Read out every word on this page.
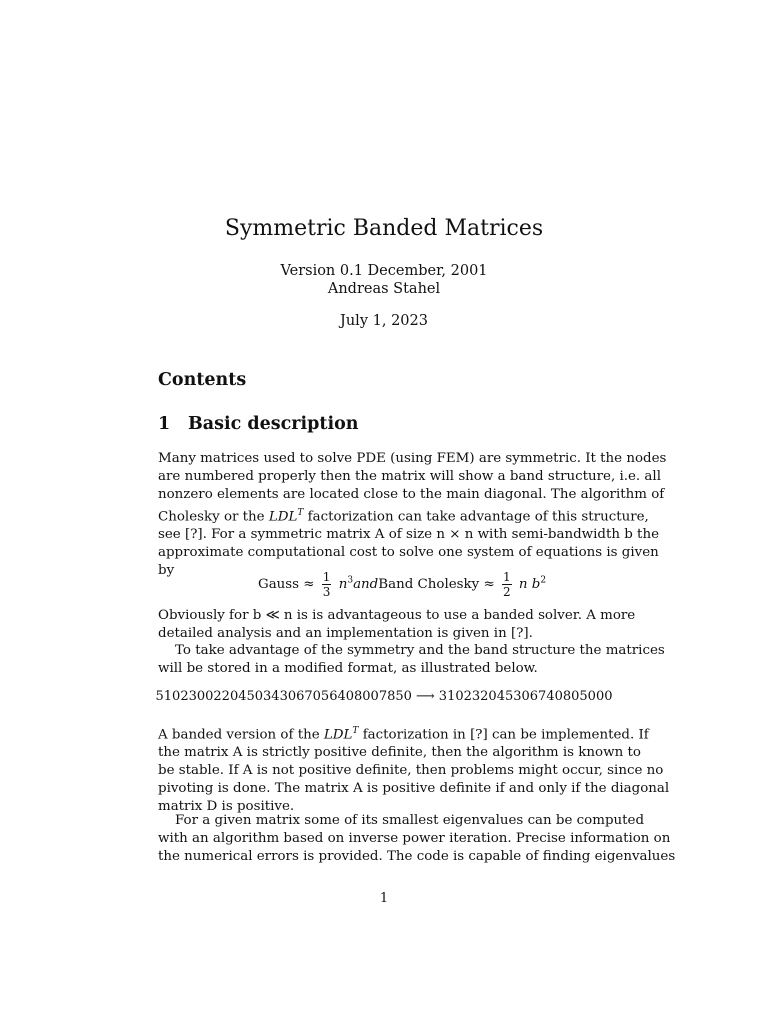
Symmetric Banded Matrices
Version 0.1 December, 2001
Andreas Stahel
July 1, 2023
Contents
1 Basic description
Many matrices used to solve PDE (using FEM) are symmetric. It the nodes
are numbered properly then the matrix will show a band structure, i.e. all
nonzero elements are located close to the main diagonal. The algorithm of
Cholesky or the $LDL^T$ factorization can take advantage of this structure,
see [?]. For a symmetric matrix A of size n × n with semi-bandwidth b the
approximate computational cost to solve one system of equations is given
by
Gauss ≈ $\frac{1}{3}$ $n^3andBand$ Cholesky ≈ $\frac{1}{2}$ n $b^2$
Obviously for b ≪ n is is advantageous to use a banded solver. A more
detailed analysis and an implementation is given in [?].
To take advantage of the symmetry and the band structure the matrices
will be stored in a modified format, as illustrated below.
510230022045034306705640800785​0 ⟶ 3102320453067408050​00
A banded version of the $LDL^T$ factorization in [?] can be implemented. If
the matrix A is strictly positive definite, then the algorithm is known to
be stable. If A is not positive definite, then problems might occur, since no
pivoting is done. The matrix A is positive definite if and only if the diagonal
matrix D is positive.
For a given matrix some of its smallest eigenvalues can be computed
with an algorithm based on inverse power iteration. Precise information on
the numerical errors is provided. The code is capable of finding eigenvalues
1
